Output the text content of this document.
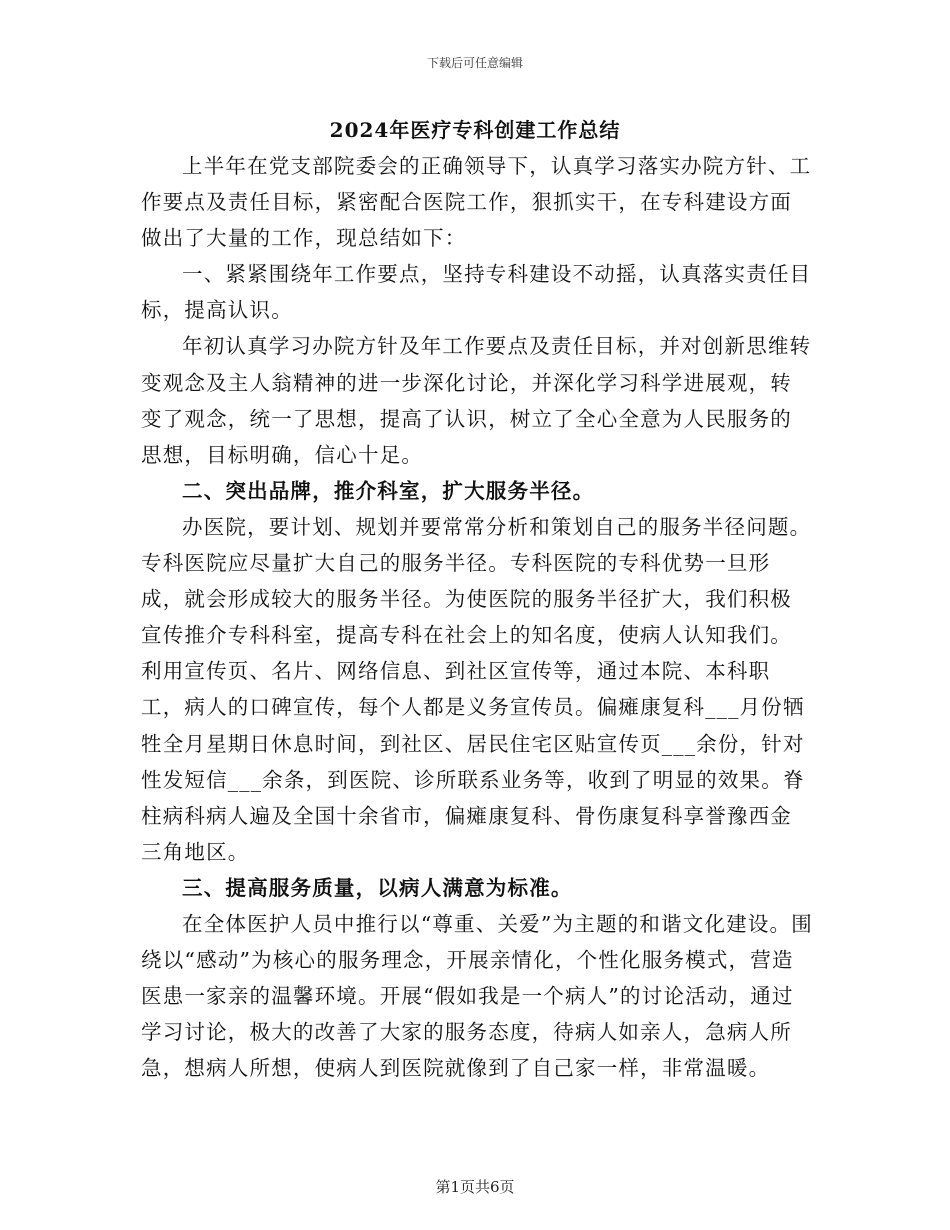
下载后可任意编辑
2024年医疗专科创建工作总结

上半年在党支部院委会的正确领导下，认真学习落实办院方针、工作要点及责任目标，紧密配合医院工作，狠抓实干，在专科建设方面做出了大量的工作，现总结如下：

一、紧紧围绕年工作要点，坚持专科建设不动摇，认真落实责任目标，提高认识。

年初认真学习办院方针及年工作要点及责任目标，并对创新思维转变观念及主人翁精神的进一步深化讨论，并深化学习科学进展观，转变了观念，统一了思想，提高了认识，树立了全心全意为人民服务的思想，目标明确，信心十足。

二、突出品牌，推介科室，扩大服务半径。

办医院，要计划、规划并要常常分析和策划自己的服务半径问题。专科医院应尽量扩大自己的服务半径。专科医院的专科优势一旦形成，就会形成较大的服务半径。为使医院的服务半径扩大，我们积极宣传推介专科科室，提高专科在社会上的知名度，使病人认知我们。利用宣传页、名片、网络信息、到社区宣传等，通过本院、本科职工，病人的口碑宣传，每个人都是义务宣传员。偏瘫康复科___月份牺牲全月星期日休息时间，到社区、居民住宅区贴宣传页___余份，针对性发短信___余条，到医院、诊所联系业务等，收到了明显的效果。脊柱病科病人遍及全国十余省市，偏瘫康复科、骨伤康复科享誉豫西金三角地区。

三、提高服务质量，以病人满意为标准。

在全体医护人员中推行以“尊重、关爱”为主题的和谐文化建设。围绕以“感动”为核心的服务理念，开展亲情化，个性化服务模式，营造医患一家亲的温馨环境。开展“假如我是一个病人”的讨论活动，通过学习讨论，极大的改善了大家的服务态度，待病人如亲人，急病人所急，想病人所想，使病人到医院就像到了自己家一样，非常温暖。

第1页共6页
